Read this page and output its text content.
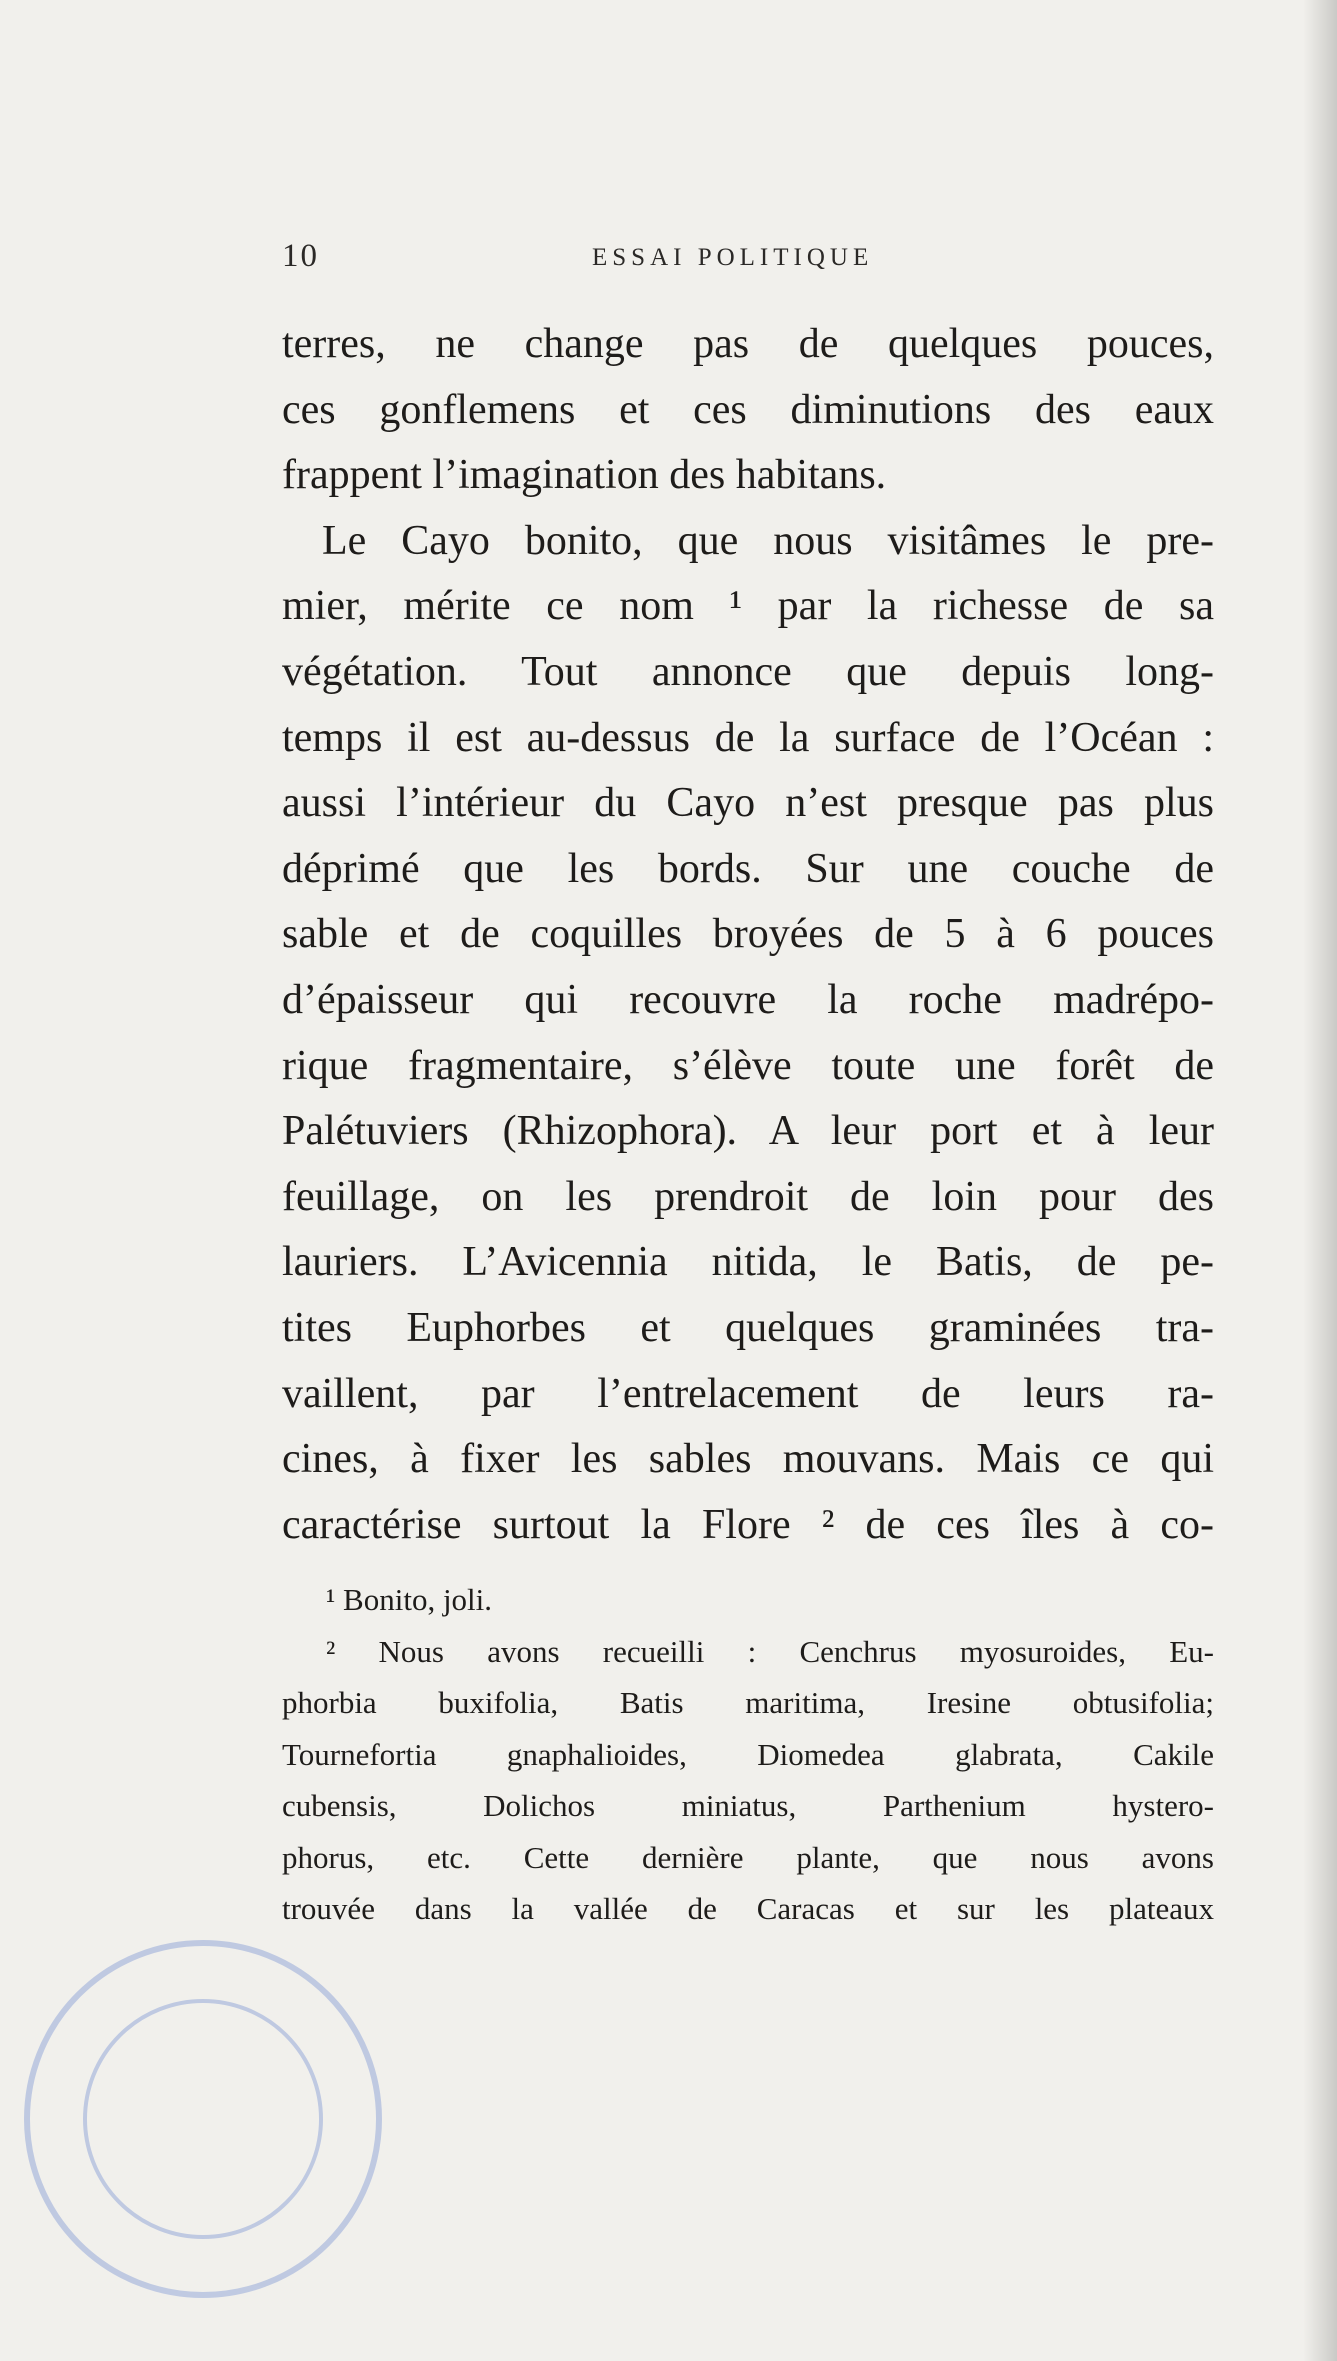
10	ESSAI POLITIQUE
terres, ne change pas de quelques pouces,
ces gonflemens et ces diminutions des eaux
frappent l’imagination des habitans.
Le Cayo bonito, que nous visitâmes le pre-
mier, mérite ce nom ¹ par la richesse de sa
végétation. Tout annonce que depuis long-
temps il est au-dessus de la surface de l’Océan :
aussi l’intérieur du Cayo n’est presque pas plus
déprimé que les bords. Sur une couche de
sable et de coquilles broyées de 5 à 6 pouces
d’épaisseur qui recouvre la roche madrépo-
rique fragmentaire, s’élève toute une forêt de
Palétuviers (Rhizophora). A leur port et à leur
feuillage, on les prendroit de loin pour des
lauriers. L’Avicennia nitida, le Batis, de pe-
tites Euphorbes et quelques graminées tra-
vaillent, par l’entrelacement de leurs ra-
cines, à fixer les sables mouvans. Mais ce qui
caractérise surtout la Flore ² de ces îles à co-
¹ Bonito, joli.
² Nous avons recueilli : Cenchrus myosuroides, Eu-
phorbia buxifolia, Batis maritima, Iresine obtusifolia;
Tournefortia gnaphalioides, Diomedea glabrata, Cakile
cubensis, Dolichos miniatus, Parthenium hystero-
phorus, etc. Cette dernière plante, que nous avons
trouvée dans la vallée de Caracas et sur les plateaux
